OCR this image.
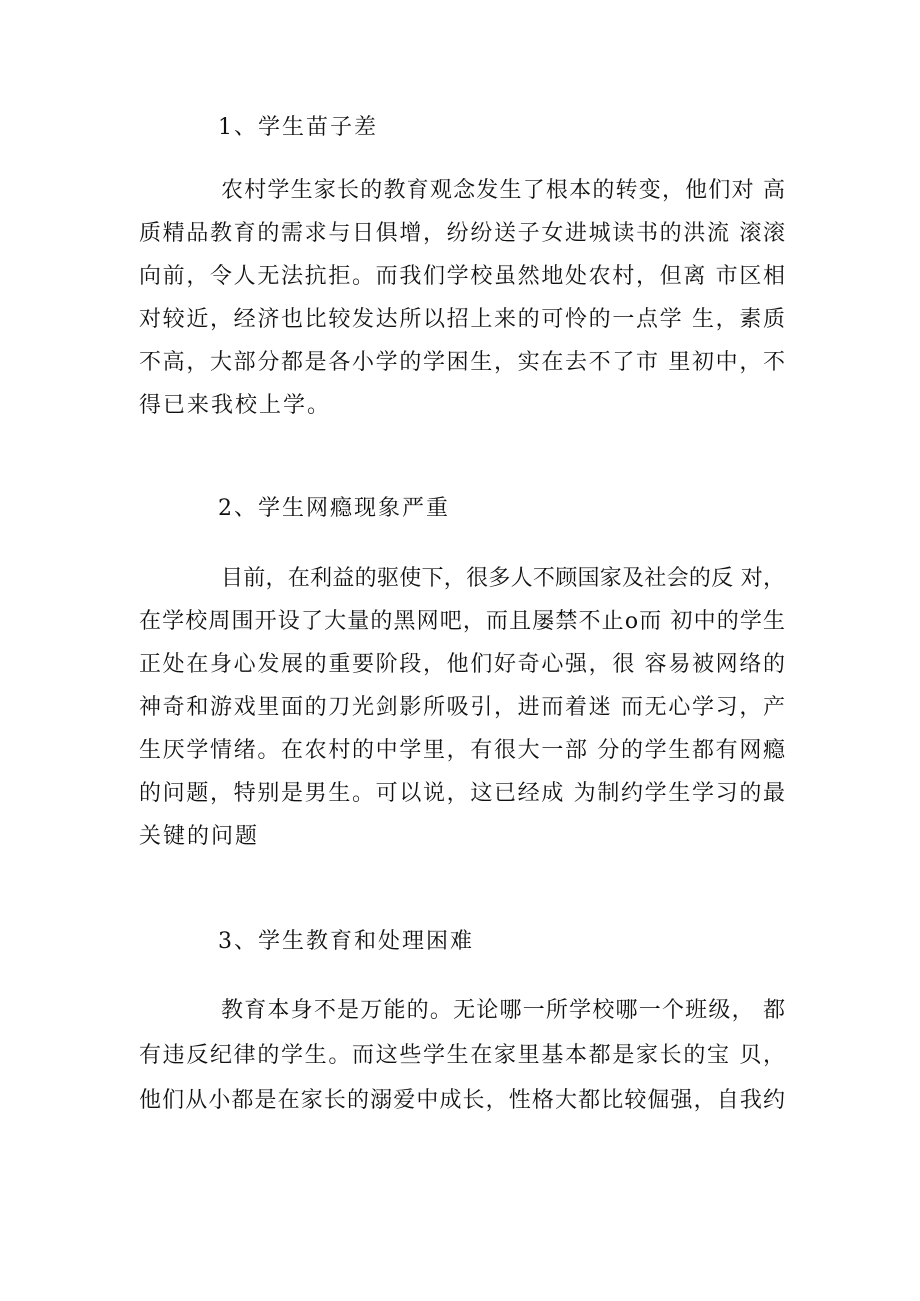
1、学生苗子差
农村学生家长的教育观念发生了根本的转变，他们对 高
质精品教育的需求与日俱增，纷纷送子女进城读书的洪流 滚滚
向前，令人无法抗拒。而我们学校虽然地处农村，但离 市区相
对较近，经济也比较发达所以招上来的可怜的一点学 生，素质
不高，大部分都是各小学的学困生，实在去不了市 里初中，不
得已来我校上学。
2、学生网瘾现象严重
目前，在利益的驱使下，很多人不顾国家及社会的反 对，
在学校周围开设了大量的黑网吧，而且屡禁不止o而 初中的学生
正处在身心发展的重要阶段，他们好奇心强，很 容易被网络的
神奇和游戏里面的刀光剑影所吸引，进而着迷 而无心学习，产
生厌学情绪。在农村的中学里，有很大一部 分的学生都有网瘾
的问题，特别是男生。可以说，这已经成 为制约学生学习的最
关键的问题
3、学生教育和处理困难
教育本身不是万能的。无论哪一所学校哪一个班级， 都
有违反纪律的学生。而这些学生在家里基本都是家长的宝 贝，
他们从小都是在家长的溺爱中成长，性格大都比较倔强，自我约
